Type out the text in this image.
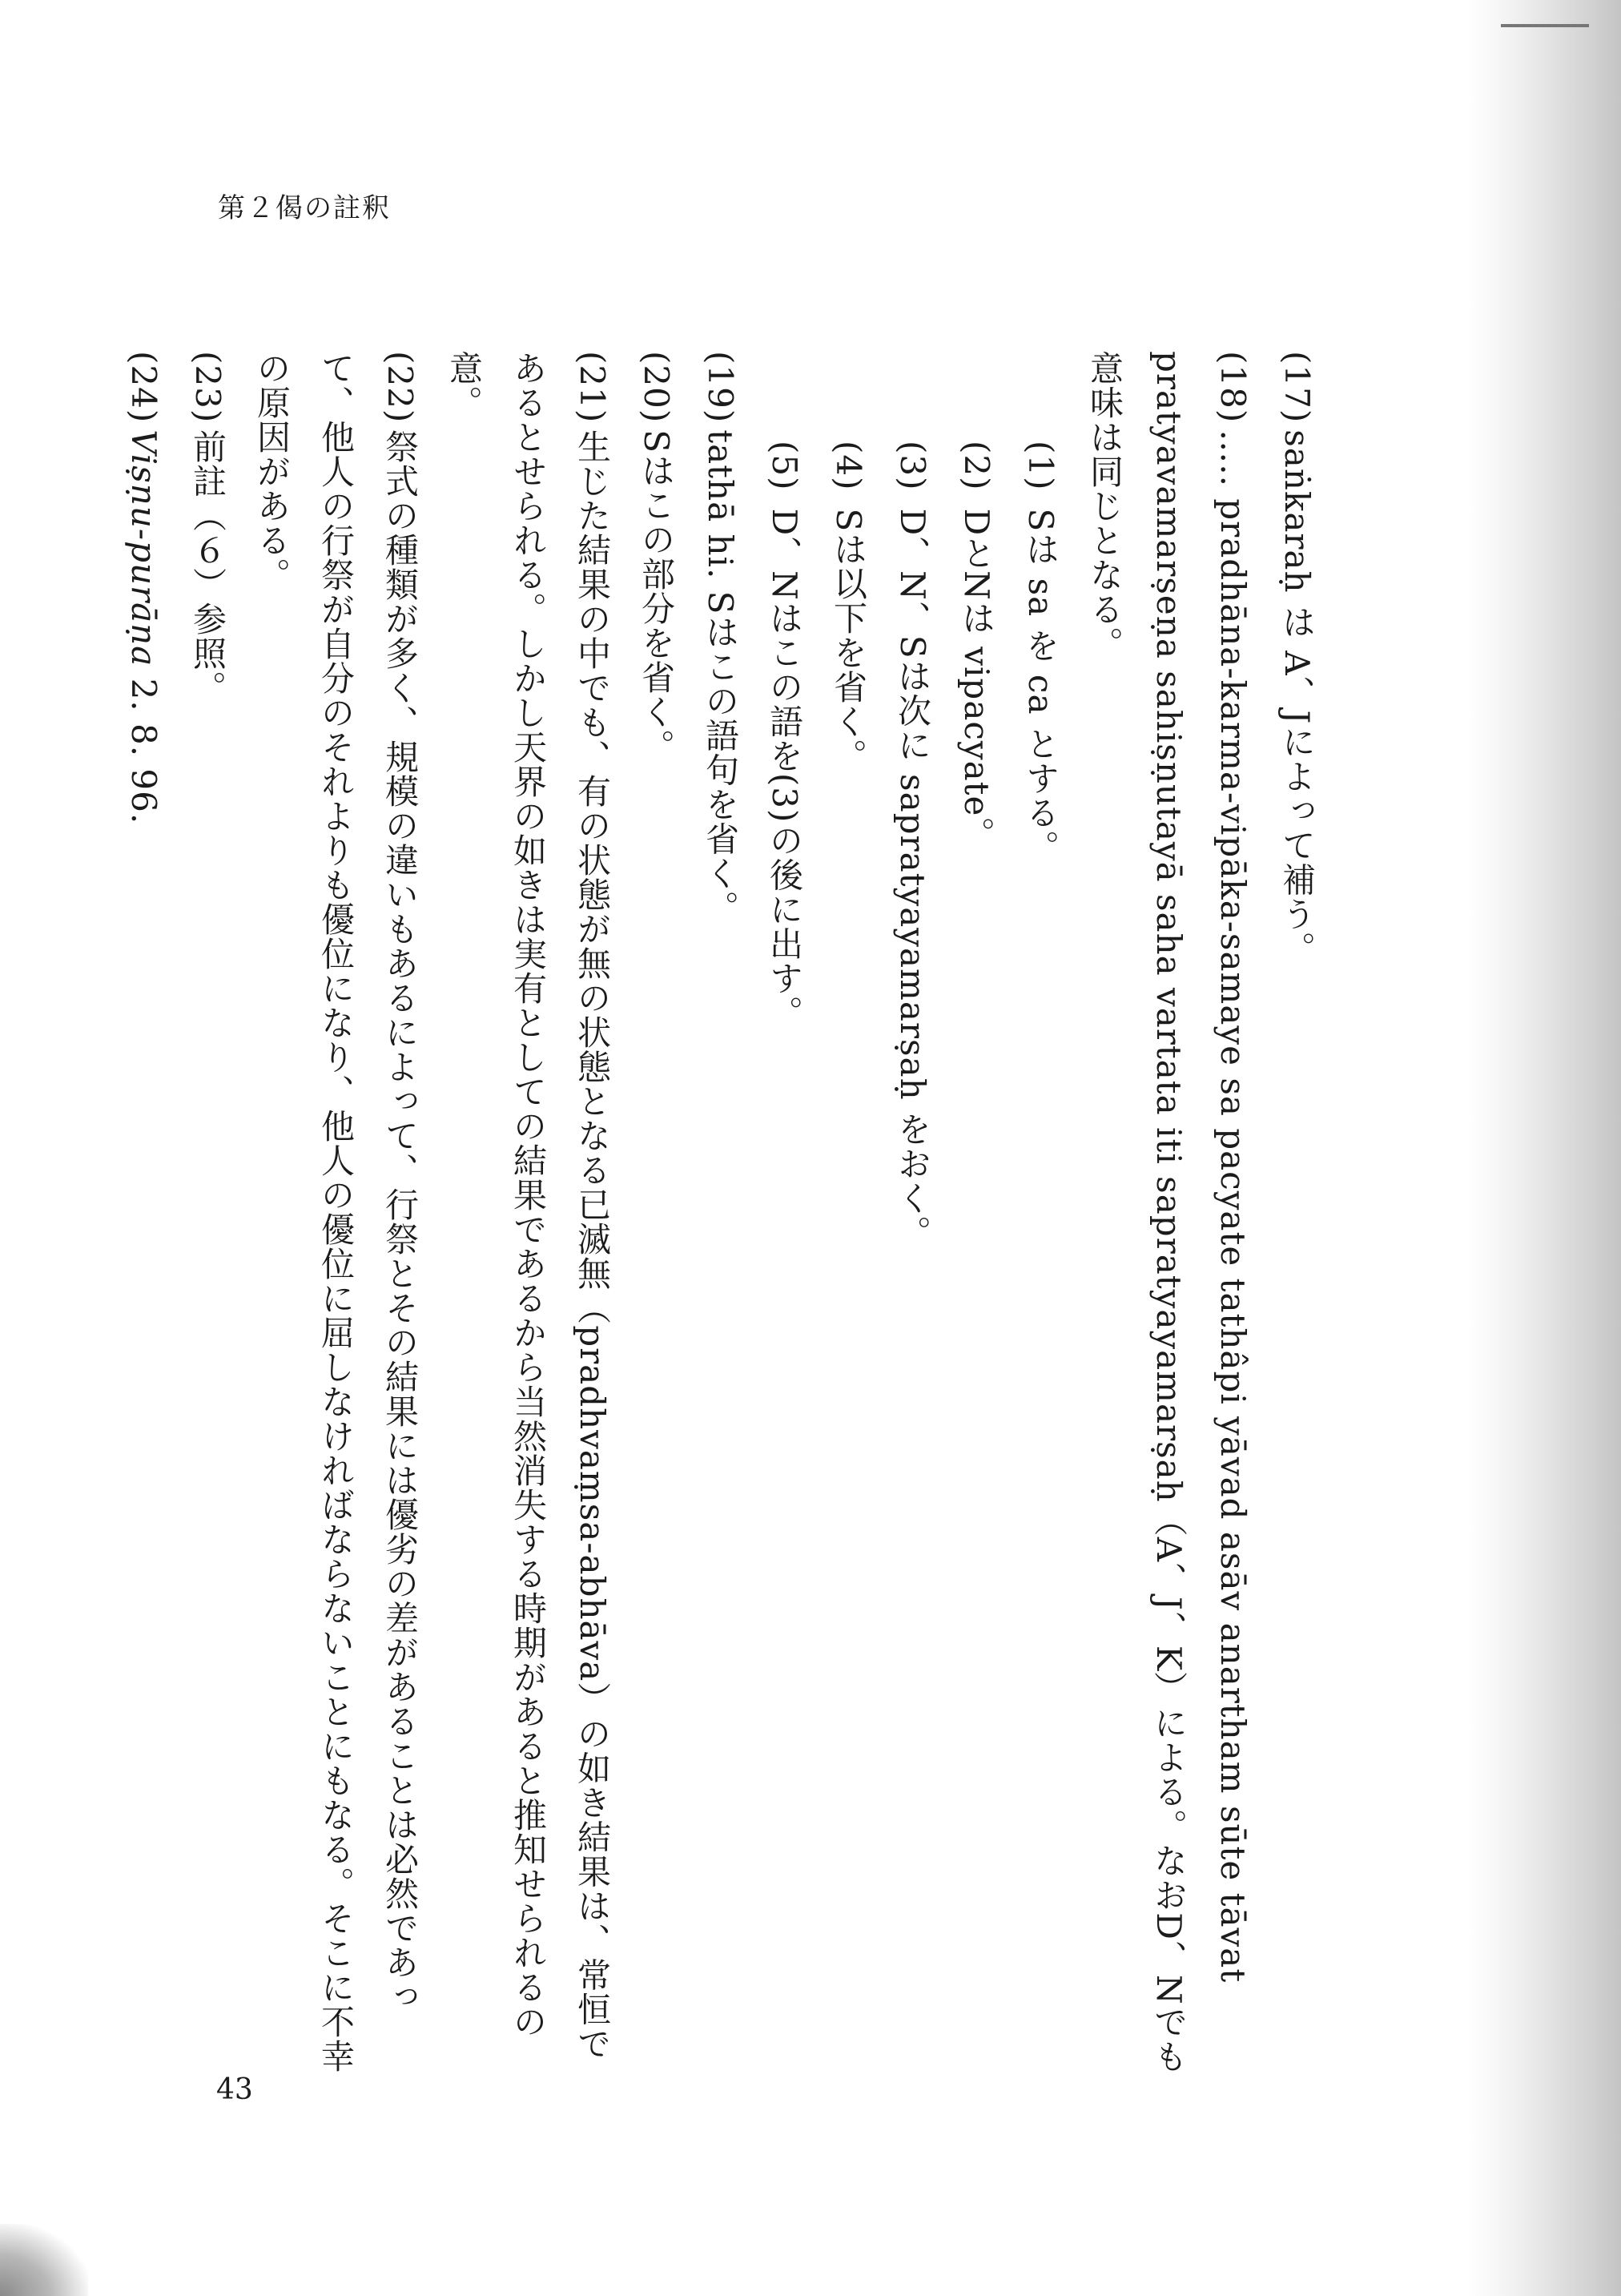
第２偈の註釈
(17)saṅkaraḥ は A、Jによって補う。
(18)….. pradhāna-karma-vipāka-samaye sa pacyate tathâpi yāvad asāv anartham sūte tāvat pratyavamarṣeṇa sahiṣṇutayā saha vartata iti sapratyayamarṣaḥ（A、J、K）による。なおD、Nでも意味は同じとなる。
(1)Sは sa を ca とする。
(2)DとNは vipacyate。
(3)D、N、Sは次に sapratyayamarṣaḥ をおく。
(4)Sは以下を省く。
(5)D、Nはこの語を(3)の後に出す。
(19)tathā hi. Sはこの語句を省く。
(20)Sはこの部分を省く。
(21)生じた結果の中でも、有の状態が無の状態となる已滅無（pradhvaṃsa-abhāva）の如き結果は、常恒であるとせられる。しかし天界の如きは実有としての結果であるから当然消失する時期があると推知せられるの意。
(22)祭式の種類が多く、規模の違いもあるによって、行祭とその結果には優劣の差があることは必然であって、他人の行祭が自分のそれよりも優位になり、他人の優位に屈しなければならないことにもなる。そこに不幸の原因がある。
(23)前註（６）参照。
(24)Viṣṇu-purāṇa 2. 8. 96.
43
